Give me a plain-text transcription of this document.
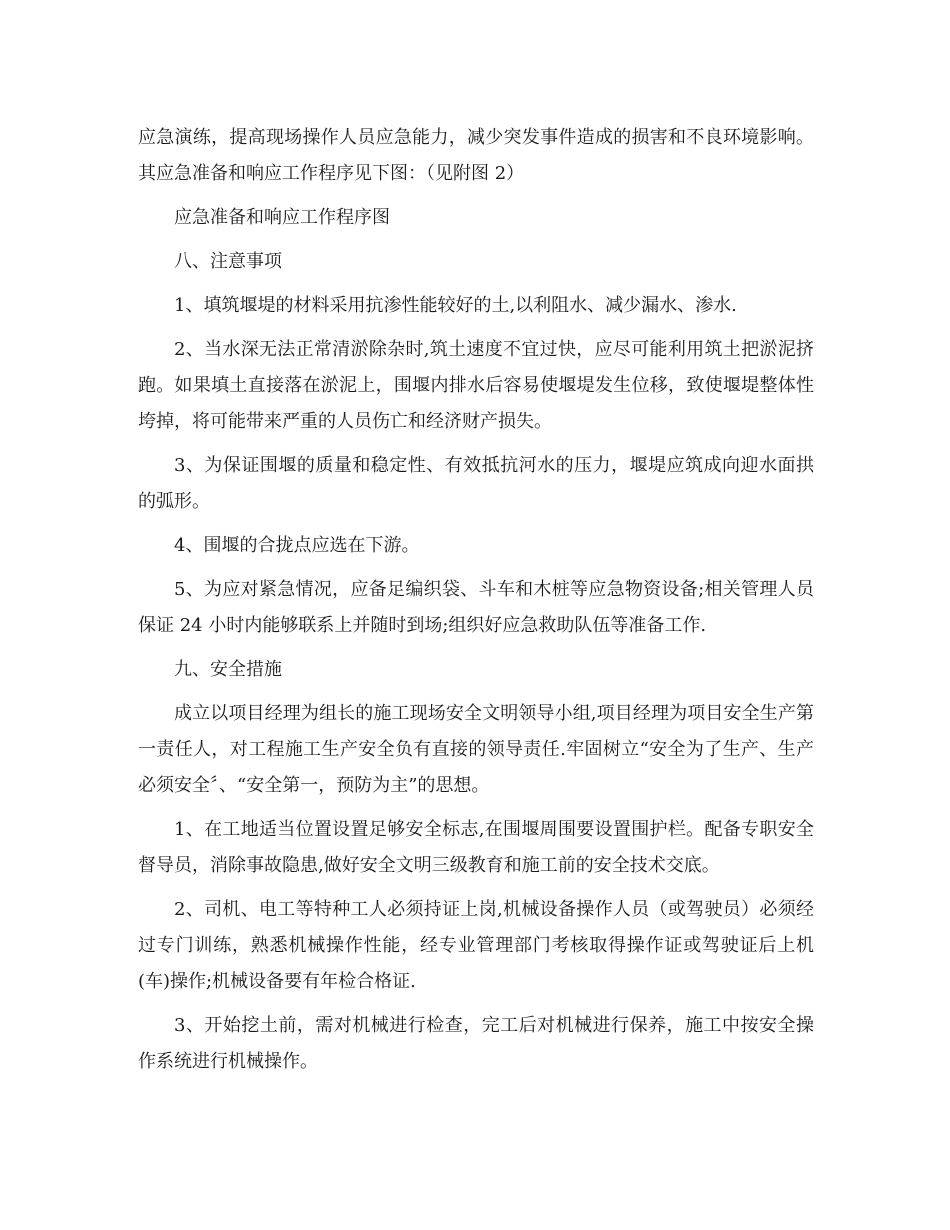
应急演练，提高现场操作人员应急能力，减少突发事件造成的损害和不良环境影响。其应急准备和响应工作程序见下图：（见附图 2）

应急准备和响应工作程序图

八、注意事项

1、填筑堰堤的材料采用抗渗性能较好的土,以利阻水、减少漏水、渗水.

2、当水深无法正常清淤除杂时,筑土速度不宜过快，应尽可能利用筑土把淤泥挤跑。如果填土直接落在淤泥上，围堰内排水后容易使堰堤发生位移，致使堰堤整体性垮掉，将可能带来严重的人员伤亡和经济财产损失。

3、为保证围堰的质量和稳定性、有效抵抗河水的压力，堰堤应筑成向迎水面拱的弧形。

4、围堰的合拢点应选在下游。

5、为应对紧急情况，应备足编织袋、斗车和木桩等应急物资设备;相关管理人员保证 24 小时内能够联系上并随时到场;组织好应急救助队伍等准备工作.

九、安全措施

成立以项目经理为组长的施工现场安全文明领导小组,项目经理为项目安全生产第一责任人，对工程施工生产安全负有直接的领导责任.牢固树立“安全为了生产、生产必须安全〞、“安全第一，预防为主”的思想。

1、在工地适当位置设置足够安全标志,在围堰周围要设置围护栏。配备专职安全督导员，消除事故隐患,做好安全文明三级教育和施工前的安全技术交底。

2、司机、电工等特种工人必须持证上岗,机械设备操作人员（或驾驶员）必须经过专门训练，熟悉机械操作性能，经专业管理部门考核取得操作证或驾驶证后上机(车)操作;机械设备要有年检合格证.

3、开始挖土前，需对机械进行检查，完工后对机械进行保养，施工中按安全操作系统进行机械操作。
